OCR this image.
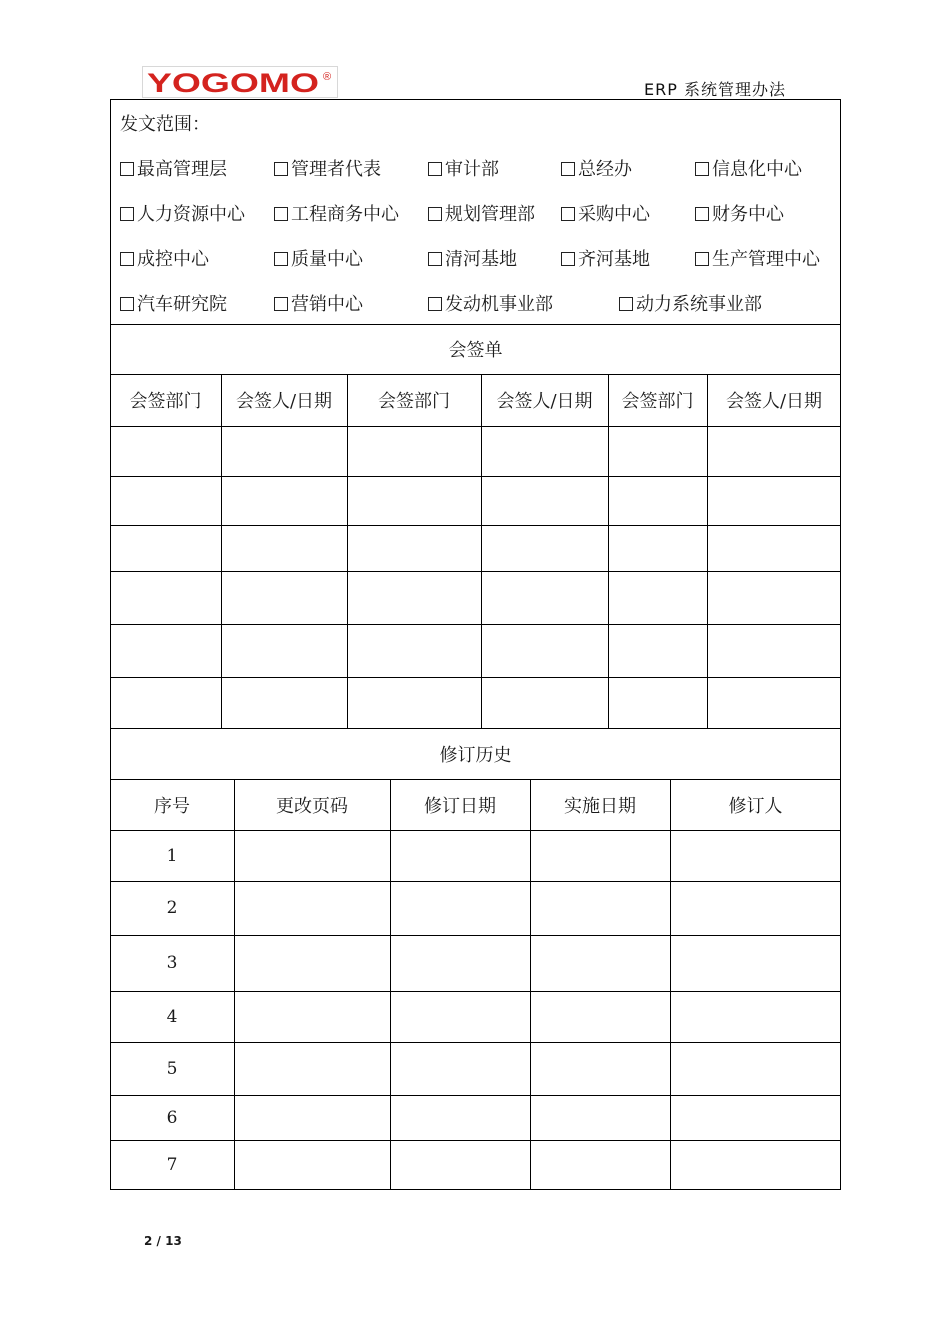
YOGOMO ®
ERP 系统管理办法
发文范围：
最高管理层	管理者代表	审计部	总经办	信息化中心
人力资源中心	工程商务中心	规划管理部	采购中心	财务中心
成控中心	质量中心	清河基地	齐河基地	生产管理中心
汽车研究院	营销中心	发动机事业部	动力系统事业部
会签单
会签部门	会签人/日期	会签部门	会签人/日期	会签部门	会签人/日期
修订历史
序号	更改页码	修订日期	实施日期	修订人
1
2
3
4
5
6
7
2 / 13
